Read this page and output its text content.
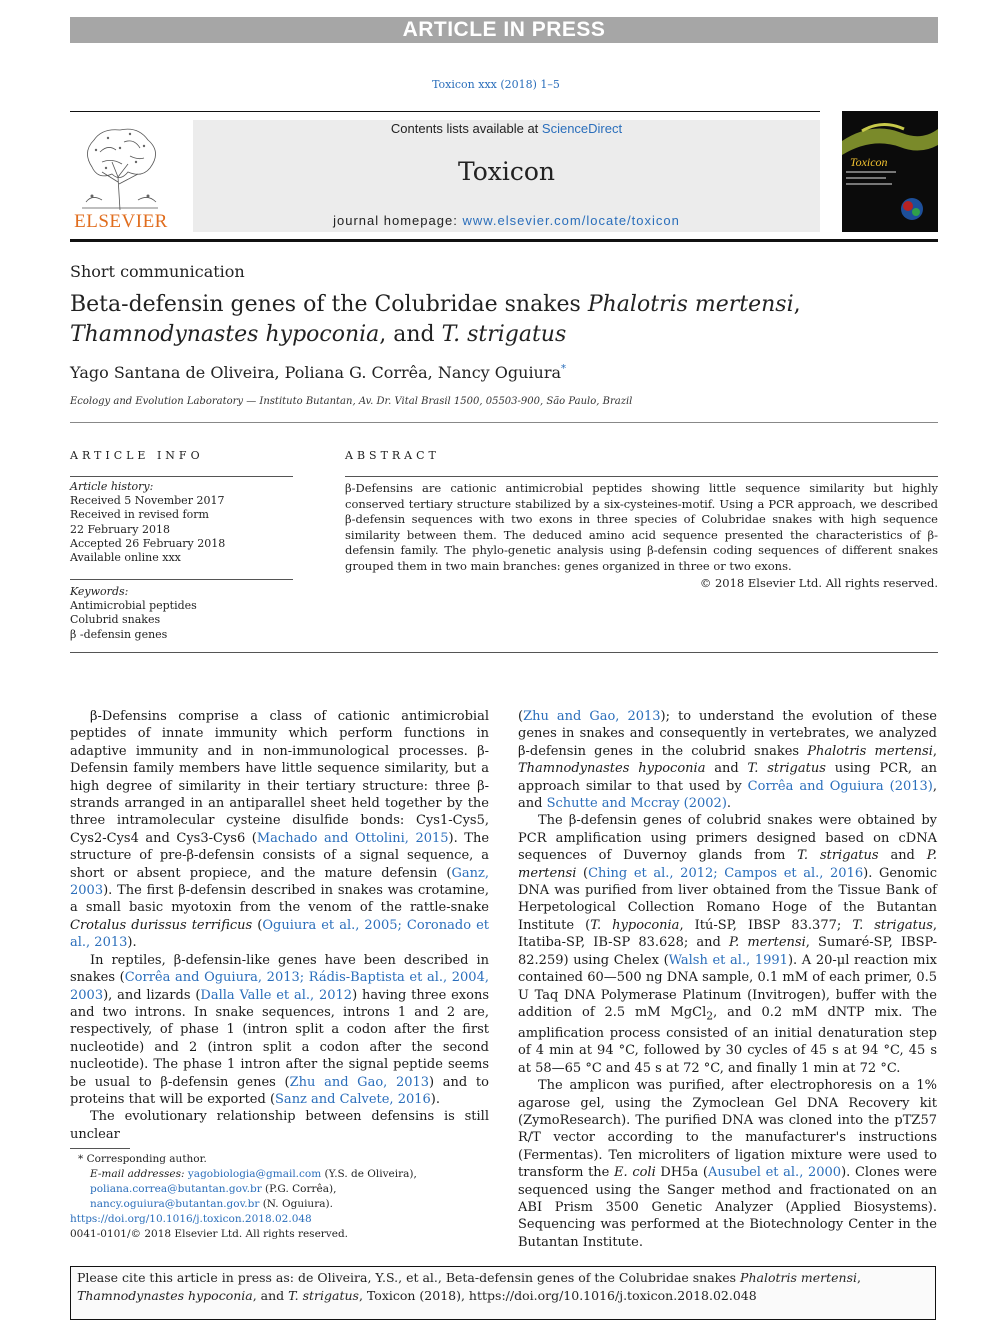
ARTICLE IN PRESS
Toxicon xxx (2018) 1–5
ELSEVIER
Contents lists available at ScienceDirect
Toxicon
journal homepage: www.elsevier.com/locate/toxicon
Toxicon
Short communication
Beta-defensin genes of the Colubridae snakes Phalotris mertensi,
Thamnodynastes hypoconia, and T. strigatus
Yago Santana de Oliveira, Poliana G. Corrêa, Nancy Oguiura*
Ecology and Evolution Laboratory — Instituto Butantan, Av. Dr. Vital Brasil 1500, 05503-900, São Paulo, Brazil
ARTICLE INFO
Article history:
Received 5 November 2017
Received in revised form
22 February 2018
Accepted 26 February 2018
Available online xxx
Keywords:
Antimicrobial peptides
Colubrid snakes
β -defensin genes
ABSTRACT
β-Defensins are cationic antimicrobial peptides showing little sequence similarity but highly conserved tertiary structure stabilized by a six-cysteines-motif. Using a PCR approach, we described β-defensin sequences with two exons in three species of Colubridae snakes with high sequence similarity between them. The deduced amino acid sequence presented the characteristics of β-defensin family. The phylo-genetic analysis using β-defensin coding sequences of different snakes grouped them in two main branches: genes organized in three or two exons.
© 2018 Elsevier Ltd. All rights reserved.

β-Defensins comprise a class of cationic antimicrobial peptides of innate immunity which perform functions in adaptive immunity and in non-immunological processes. β-Defensin family members have little sequence similarity, but a high degree of similarity in their tertiary structure: three β-strands arranged in an antiparallel sheet held together by the three intramolecular cysteine disulfide bonds: Cys1-Cys5, Cys2-Cys4 and Cys3-Cys6 (Machado and Ottolini, 2015). The structure of pre-β-defensin consists of a signal sequence, a short or absent propiece, and the mature defensin (Ganz, 2003). The first β-defensin described in snakes was crotamine, a small basic myotoxin from the venom of the rattle-snake Crotalus durissus terrificus (Oguiura et al., 2005; Coronado et al., 2013).

In reptiles, β-defensin-like genes have been described in snakes (Corrêa and Oguiura, 2013; Rádis-Baptista et al., 2004, 2003), and lizards (Dalla Valle et al., 2012) having three exons and two introns. In snake sequences, introns 1 and 2 are, respectively, of phase 1 (intron split a codon after the first nucleotide) and 2 (intron split a codon after the second nucleotide). The phase 1 intron after the signal peptide seems be usual to β-defensin genes (Zhu and Gao, 2013) and to proteins that will be exported (Sanz and Calvete, 2016).

The evolutionary relationship between defensins is still unclear

(Zhu and Gao, 2013); to understand the evolution of these genes in snakes and consequently in vertebrates, we analyzed β-defensin genes in the colubrid snakes Phalotris mertensi, Thamnodynastes hypoconia and T. strigatus using PCR, an approach similar to that used by Corrêa and Oguiura (2013), and Schutte and Mccray (2002).

The β-defensin genes of colubrid snakes were obtained by PCR amplification using primers designed based on cDNA sequences of Duvernoy glands from T. strigatus and P. mertensi (Ching et al., 2012; Campos et al., 2016). Genomic DNA was purified from liver obtained from the Tissue Bank of Herpetological Collection Romano Hoge of the Butantan Institute (T. hypoconia, Itú-SP, IBSP 83.377; T. strigatus, Itatiba-SP, IB-SP 83.628; and P. mertensi, Sumaré-SP, IBSP-82.259) using Chelex (Walsh et al., 1991). A 20-μl reaction mix contained 60—500 ng DNA sample, 0.1 mM of each primer, 0.5 U Taq DNA Polymerase Platinum (Invitrogen), buffer with the addition of 2.5 mM MgCl$_2$, and 0.2 mM dNTP mix. The amplification process consisted of an initial denaturation step of 4 min at 94 °C, followed by 30 cycles of 45 s at 94 °C, 45 s at 58—65 °C and 45 s at 72 °C, and finally 1 min at 72 °C.

The amplicon was purified, after electrophoresis on a 1% agarose gel, using the Zymoclean Gel DNA Recovery kit (ZymoResearch). The purified DNA was cloned into the pTZ57 R/T vector according to the manufacturer's instructions (Fermentas). Ten microliters of ligation mixture were used to transform the E. coli DH5a (Ausubel et al., 2000). Clones were sequenced using the Sanger method and fractionated on an ABI Prism 3500 Genetic Analyzer (Applied Biosystems). Sequencing was performed at the Biotechnology Center in the Butantan Institute.

* Corresponding author.
E-mail addresses: yagobiologia@gmail.com (Y.S. de Oliveira), poliana.correa@butantan.gov.br (P.G. Corrêa), nancy.oguiura@butantan.gov.br (N. Oguiura).
https://doi.org/10.1016/j.toxicon.2018.02.048
0041-0101/© 2018 Elsevier Ltd. All rights reserved.
Please cite this article in press as: de Oliveira, Y.S., et al., Beta-defensin genes of the Colubridae snakes Phalotris mertensi, Thamnodynastes hypoconia, and T. strigatus, Toxicon (2018), https://doi.org/10.1016/j.toxicon.2018.02.048
